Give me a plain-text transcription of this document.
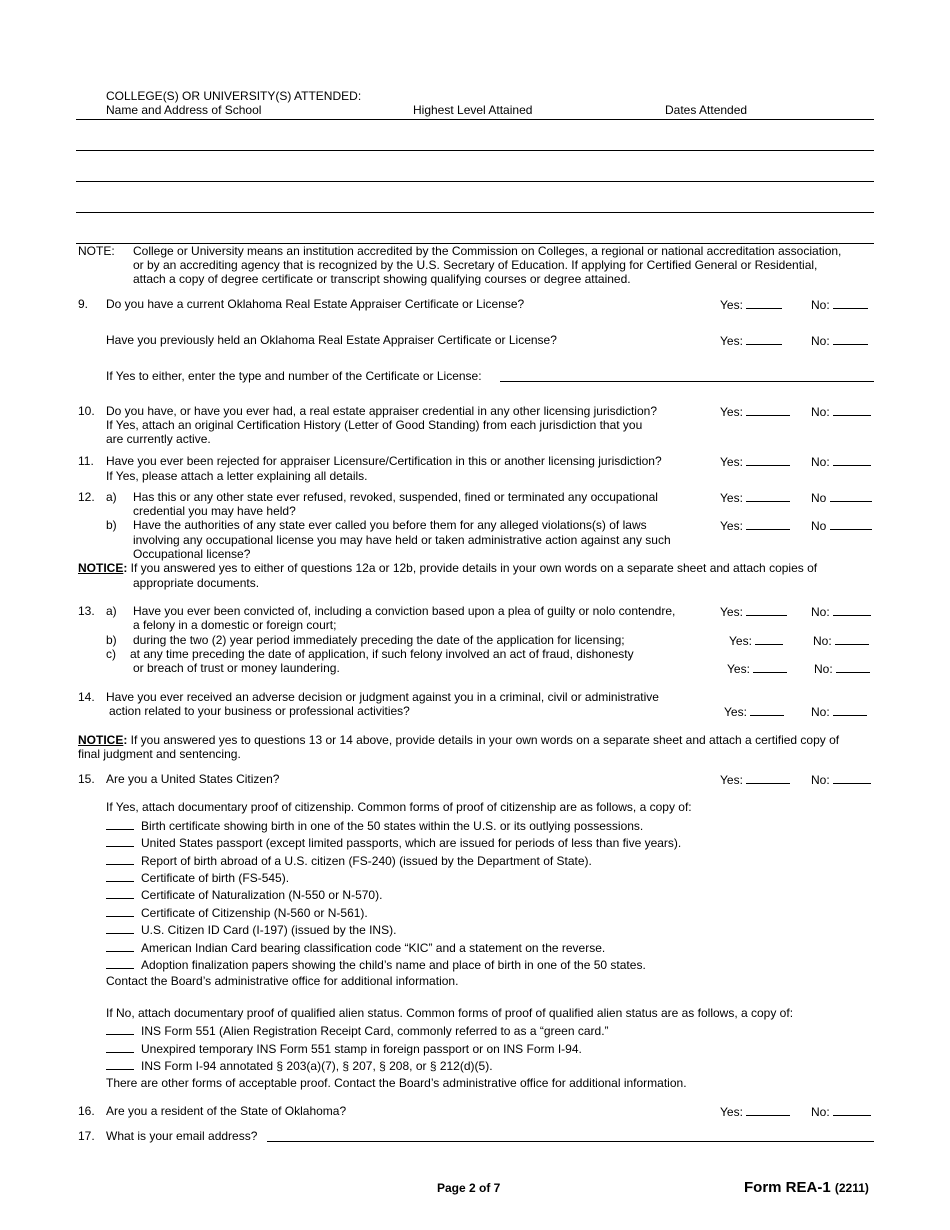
COLLEGE(S) OR UNIVERSITY(S) ATTENDED:
Name and Address of School	Highest Level Attained	Dates Attended
NOTE: College or University means an institution accredited by the Commission on Colleges, a regional or national accreditation association,
or by an accrediting agency that is recognized by the U.S. Secretary of Education. If applying for Certified General or Residential,
attach a copy of degree certificate or transcript showing qualifying courses or degree attained.
9. Do you have a current Oklahoma Real Estate Appraiser Certificate or License?	Yes:	No:
Have you previously held an Oklahoma Real Estate Appraiser Certificate or License?	Yes:	No:
If Yes to either, enter the type and number of the Certificate or License:
10. Do you have, or have you ever had, a real estate appraiser credential in any other licensing jurisdiction?
If Yes, attach an original Certification History (Letter of Good Standing) from each jurisdiction that you
are currently active.
Yes:	No:
11. Have you ever been rejected for appraiser Licensure/Certification in this or another licensing jurisdiction?
If Yes, please attach a letter explaining all details.
Yes:	No:
12. a) Has this or any other state ever refused, revoked, suspended, fined or terminated any occupational
credential you may have held?
Yes:	No
b) Have the authorities of any state ever called you before them for any alleged violations(s) of laws
involving any occupational license you may have held or taken administrative action against any such
Occupational license?
Yes:	No
NOTICE: If you answered yes to either of questions 12a or 12b, provide details in your own words on a separate sheet and attach copies of
appropriate documents.
13. a) Have you ever been convicted of, including a conviction based upon a plea of guilty or nolo contendre,
a felony in a domestic or foreign court;
Yes:	No:
b) during the two (2) year period immediately preceding the date of the application for licensing;	Yes:	No:
c) at any time preceding the date of application, if such felony involved an act of fraud, dishonesty
or breach of trust or money laundering.	Yes:	No:
14. Have you ever received an adverse decision or judgment against you in a criminal, civil or administrative
action related to your business or professional activities?	Yes:	No:
NOTICE: If you answered yes to questions 13 or 14 above, provide details in your own words on a separate sheet and attach a certified copy of
final judgment and sentencing.
15. Are you a United States Citizen?	Yes:	No:
If Yes, attach documentary proof of citizenship. Common forms of proof of citizenship are as follows, a copy of:
Birth certificate showing birth in one of the 50 states within the U.S. or its outlying possessions.
United States passport (except limited passports, which are issued for periods of less than five years).
Report of birth abroad of a U.S. citizen (FS-240) (issued by the Department of State).
Certificate of birth (FS-545).
Certificate of Naturalization (N-550 or N-570).
Certificate of Citizenship (N-560 or N-561).
U.S. Citizen ID Card (I-197) (issued by the INS).
American Indian Card bearing classification code “KIC” and a statement on the reverse.
Adoption finalization papers showing the child’s name and place of birth in one of the 50 states.
Contact the Board’s administrative office for additional information.
If No, attach documentary proof of qualified alien status. Common forms of proof of qualified alien status are as follows, a copy of:
INS Form 551 (Alien Registration Receipt Card, commonly referred to as a “green card.”
Unexpired temporary INS Form 551 stamp in foreign passport or on INS Form I-94.
INS Form I-94 annotated § 203(a)(7), § 207, § 208, or § 212(d)(5).
There are other forms of acceptable proof. Contact the Board’s administrative office for additional information.
16. Are you a resident of the State of Oklahoma?	Yes:	No:
17. What is your email address?
Page 2 of 7	Form REA-1 (2211)
